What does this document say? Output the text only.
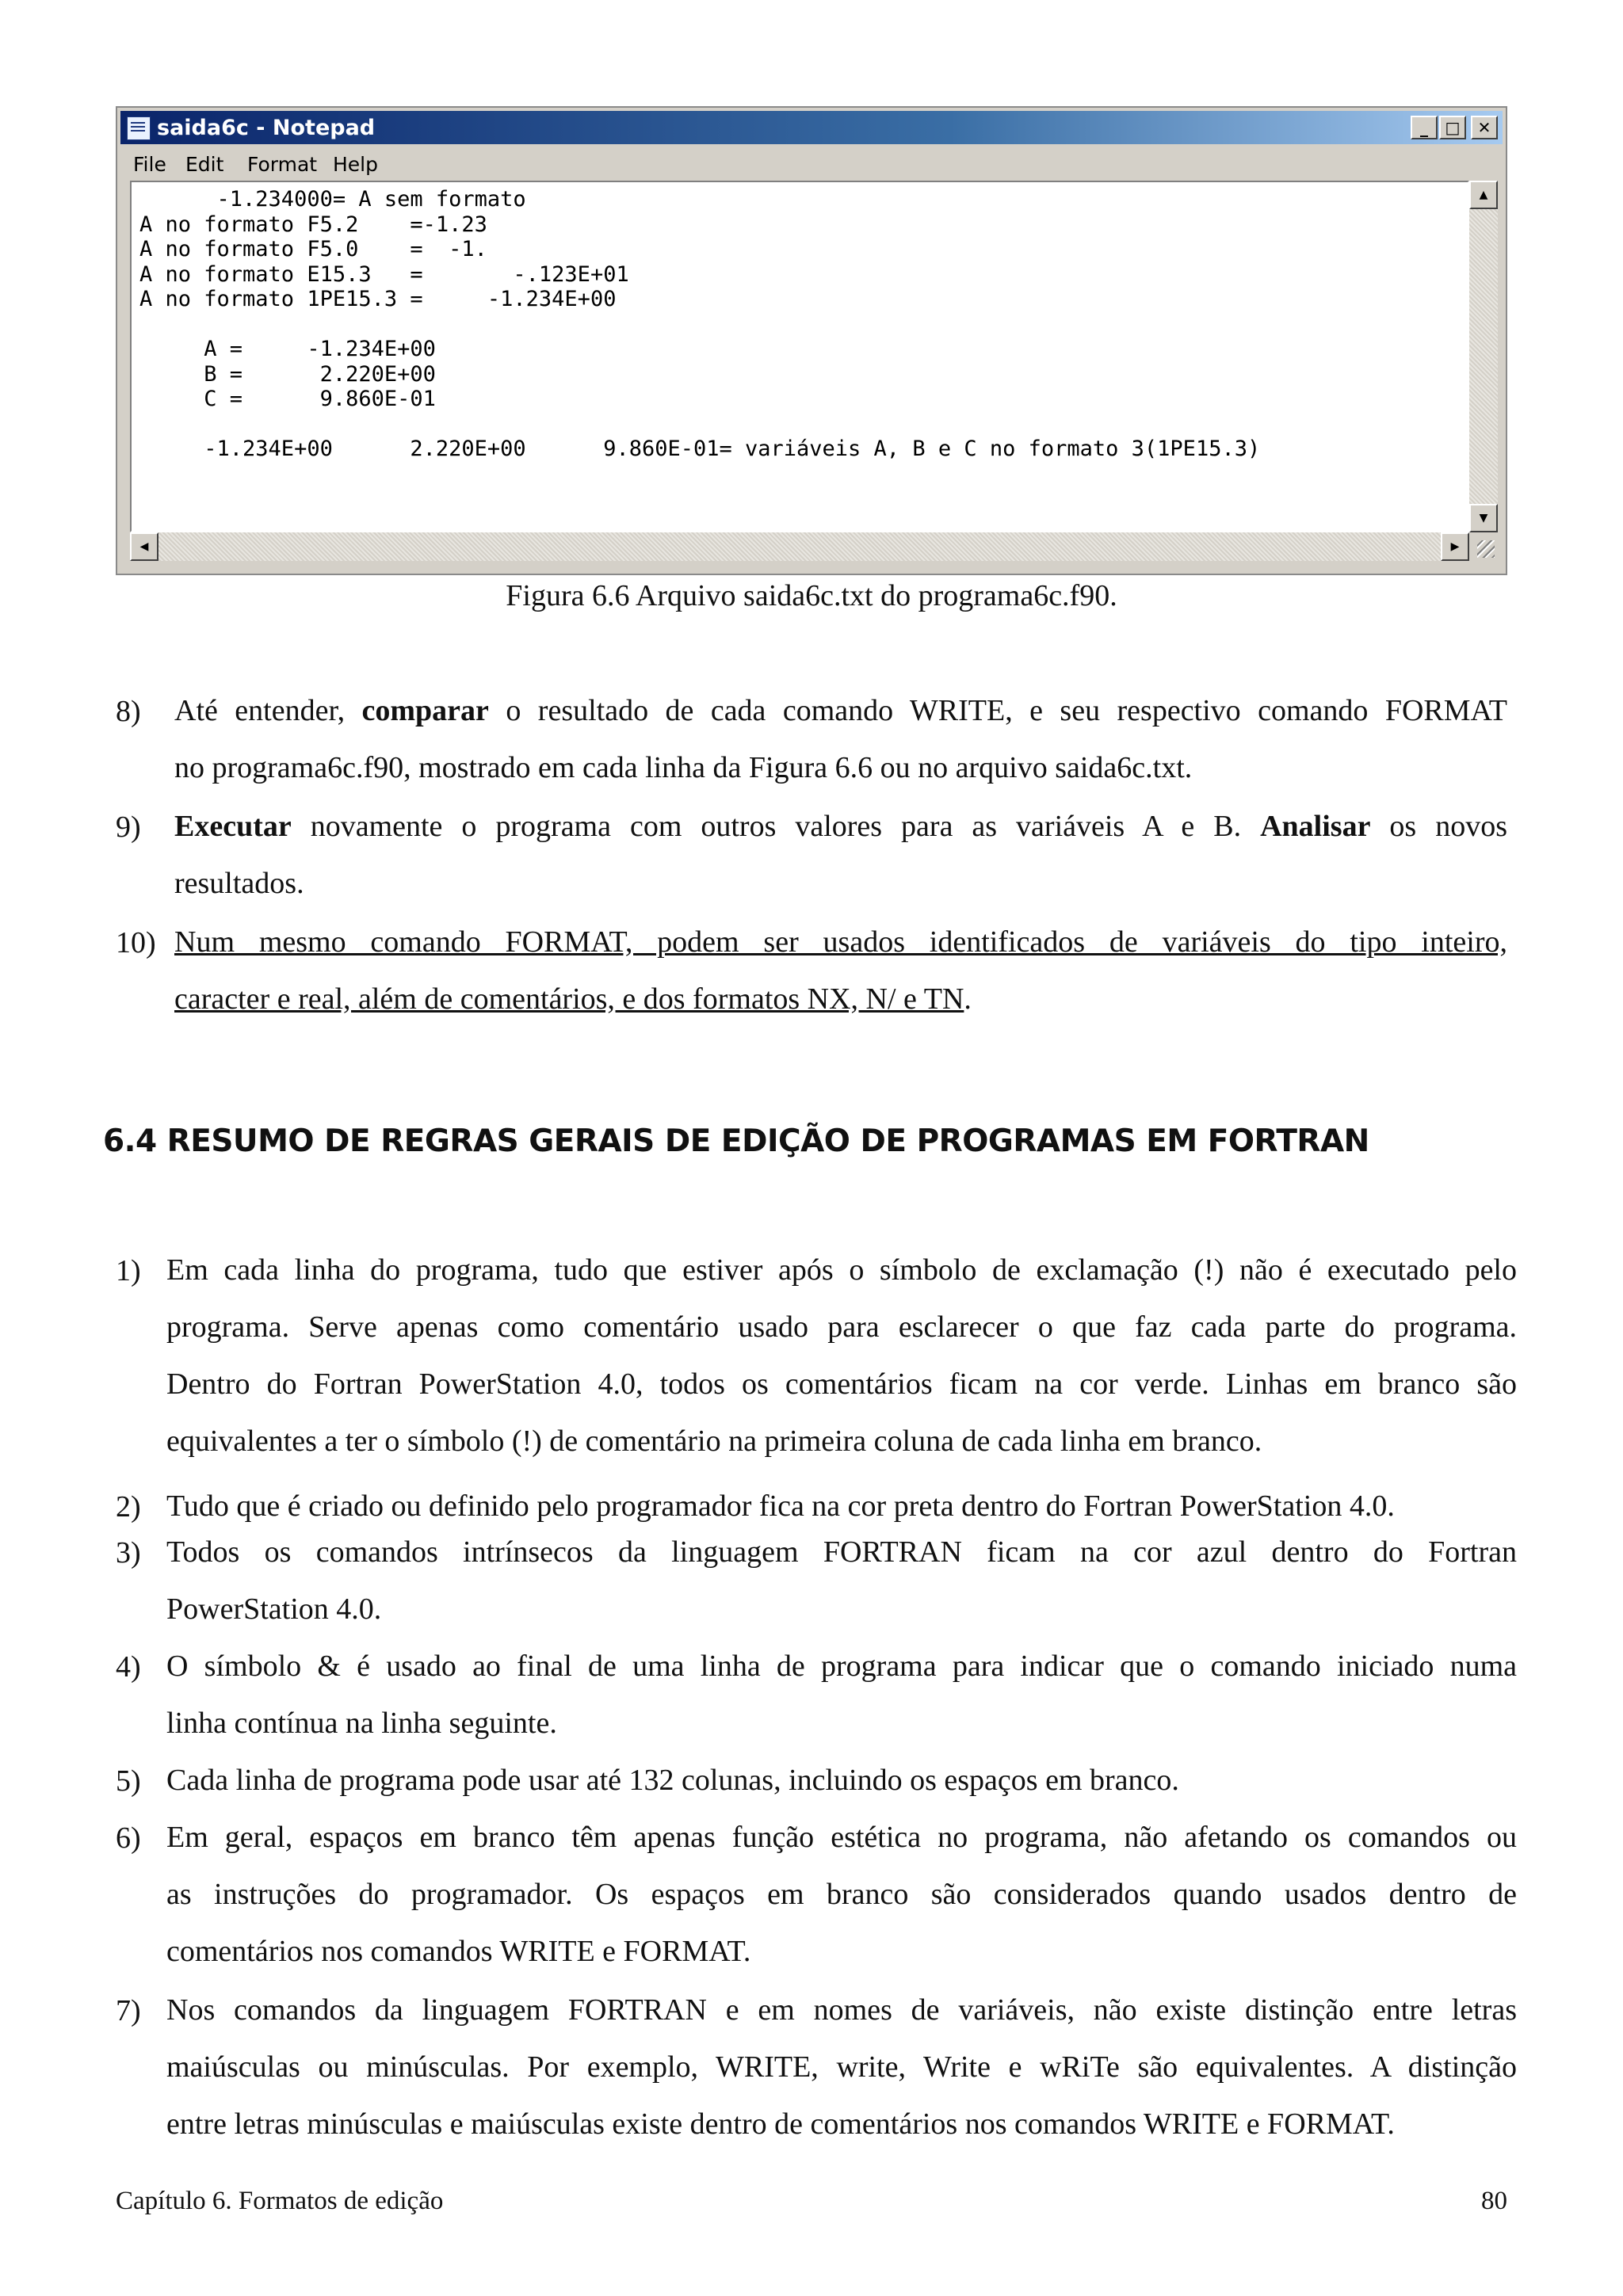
saida6c - Notepad	_	□	✕
File Edit Format Help
-1.234000= A sem formato
A no formato F5.2    =-1.23
A no formato F5.0    =  -1.
A no formato E15.3   =       -.123E+01
A no formato 1PE15.3 =     -1.234E+00

A =     -1.234E+00
B =      2.220E+00
C =      9.860E-01

-1.234E+00      2.220E+00      9.860E-01= variáveis A, B e C no formato 3(1PE15.3)
▲
▼
◀	▶
Figura 6.6 Arquivo saida6c.txt do programa6c.f90.
8) Até entender, comparar o resultado de cada comando WRITE, e seu respectivo comando FORMAT
no programa6c.f90, mostrado em cada linha da Figura 6.6 ou no arquivo saida6c.txt.
9) Executar novamente o programa com outros valores para as variáveis A e B. Analisar os novos
resultados.
10) Num mesmo comando FORMAT, podem ser usados identificados de variáveis do tipo inteiro,
caracter e real, além de comentários, e dos formatos NX, N/ e TN.
6.4 RESUMO DE REGRAS GERAIS DE EDIÇÃO DE PROGRAMAS EM FORTRAN
1) Em cada linha do programa, tudo que estiver após o símbolo de exclamação (!) não é executado pelo
programa. Serve apenas como comentário usado para esclarecer o que faz cada parte do programa.
Dentro do Fortran PowerStation 4.0, todos os comentários ficam na cor verde. Linhas em branco são
equivalentes a ter o símbolo (!) de comentário na primeira coluna de cada linha em branco.
2) Tudo que é criado ou definido pelo programador fica na cor preta dentro do Fortran PowerStation 4.0.
3) Todos os comandos intrínsecos da linguagem FORTRAN ficam na cor azul dentro do Fortran
PowerStation 4.0.
4) O símbolo & é usado ao final de uma linha de programa para indicar que o comando iniciado numa
linha contínua na linha seguinte.
5) Cada linha de programa pode usar até 132 colunas, incluindo os espaços em branco.
6) Em geral, espaços em branco têm apenas função estética no programa, não afetando os comandos ou
as instruções do programador. Os espaços em branco são considerados quando usados dentro de
comentários nos comandos WRITE e FORMAT.
7) Nos comandos da linguagem FORTRAN e em nomes de variáveis, não existe distinção entre letras
maiúsculas ou minúsculas. Por exemplo, WRITE, write, Write e wRiTe são equivalentes. A distinção
entre letras minúsculas e maiúsculas existe dentro de comentários nos comandos WRITE e FORMAT.
Capítulo 6. Formatos de edição	80
